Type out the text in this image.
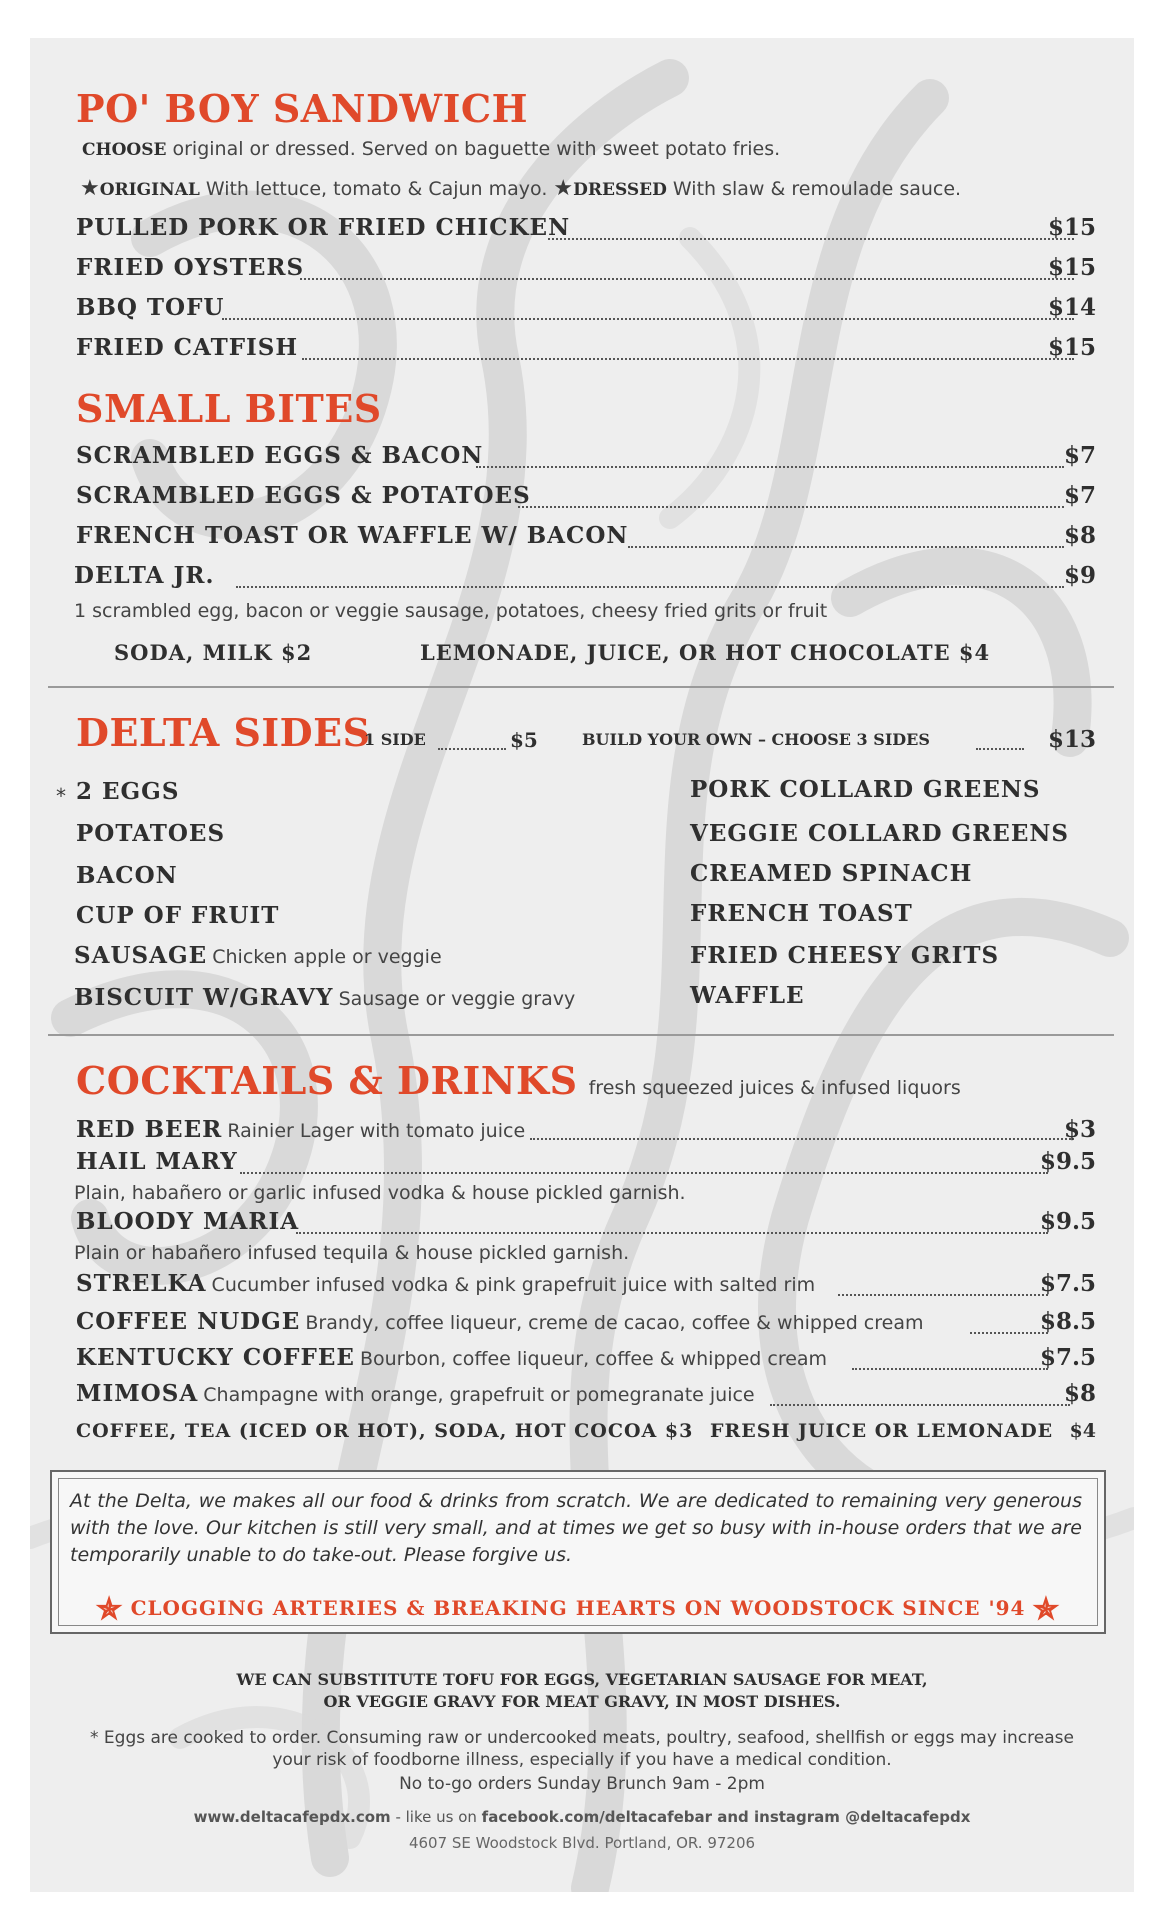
PO' BOY SANDWICH
CHOOSE original or dressed. Served on baguette with sweet potato fries.
★ORIGINAL With lettuce, tomato & Cajun mayo. ★DRESSED With slaw & remoulade sauce.
PULLED PORK OR FRIED CHICKEN	$15
FRIED OYSTERS	$15
BBQ TOFU	$14
FRIED CATFISH	$15
SMALL BITES
SCRAMBLED EGGS & BACON	$7
SCRAMBLED EGGS & POTATOES	$7
FRENCH TOAST OR WAFFLE W/ BACON	$8
DELTA JR.	$9
1 scrambled egg, bacon or veggie sausage, potatoes, cheesy fried grits or fruit
SODA, MILK $2	LEMONADE, JUICE, OR HOT CHOCOLATE $4
DELTA SIDES
1 SIDE	$5	BUILD YOUR OWN – CHOOSE 3 SIDES	$13
* 2 EGGS
POTATOES
BACON
CUP OF FRUIT
SAUSAGE Chicken apple or veggie
BISCUIT W/GRAVY Sausage or veggie gravy
PORK COLLARD GREENS
VEGGIE COLLARD GREENS
CREAMED SPINACH
FRENCH TOAST
FRIED CHEESY GRITS
WAFFLE
COCKTAILS & DRINKS fresh squeezed juices & infused liquors
RED BEER Rainier Lager with tomato juice	$3
HAIL MARY	$9.5
Plain, habañero or garlic infused vodka & house pickled garnish.
BLOODY MARIA	$9.5
Plain or habañero infused tequila & house pickled garnish.
STRELKA Cucumber infused vodka & pink grapefruit juice with salted rim	$7.5
COFFEE NUDGE Brandy, coffee liqueur, creme de cacao, coffee & whipped cream	$8.5
KENTUCKY COFFEE Bourbon, coffee liqueur, coffee & whipped cream	$7.5
MIMOSA Champagne with orange, grapefruit or pomegranate juice	$8
COFFEE, TEA (ICED OR HOT), SODA, HOT COCOA $3 FRESH JUICE OR LEMONADE $4
At the Delta, we makes all our food & drinks from scratch. We are dedicated to remaining very generous with the love. Our kitchen is still very small, and at times we get so busy with in-house orders that we are temporarily unable to do take-out. Please forgive us.
✯ CLOGGING ARTERIES & BREAKING HEARTS ON WOODSTOCK SINCE '94 ✯
WE CAN SUBSTITUTE TOFU FOR EGGS, VEGETARIAN SAUSAGE FOR MEAT,
OR VEGGIE GRAVY FOR MEAT GRAVY, IN MOST DISHES.
* Eggs are cooked to order. Consuming raw or undercooked meats, poultry, seafood, shellfish or eggs may increase
your risk of foodborne illness, especially if you have a medical condition.
No to-go orders Sunday Brunch 9am - 2pm
www.deltacafepdx.com - like us on facebook.com/deltacafebar and instagram @deltacafepdx
4607 SE Woodstock Blvd. Portland, OR. 97206
